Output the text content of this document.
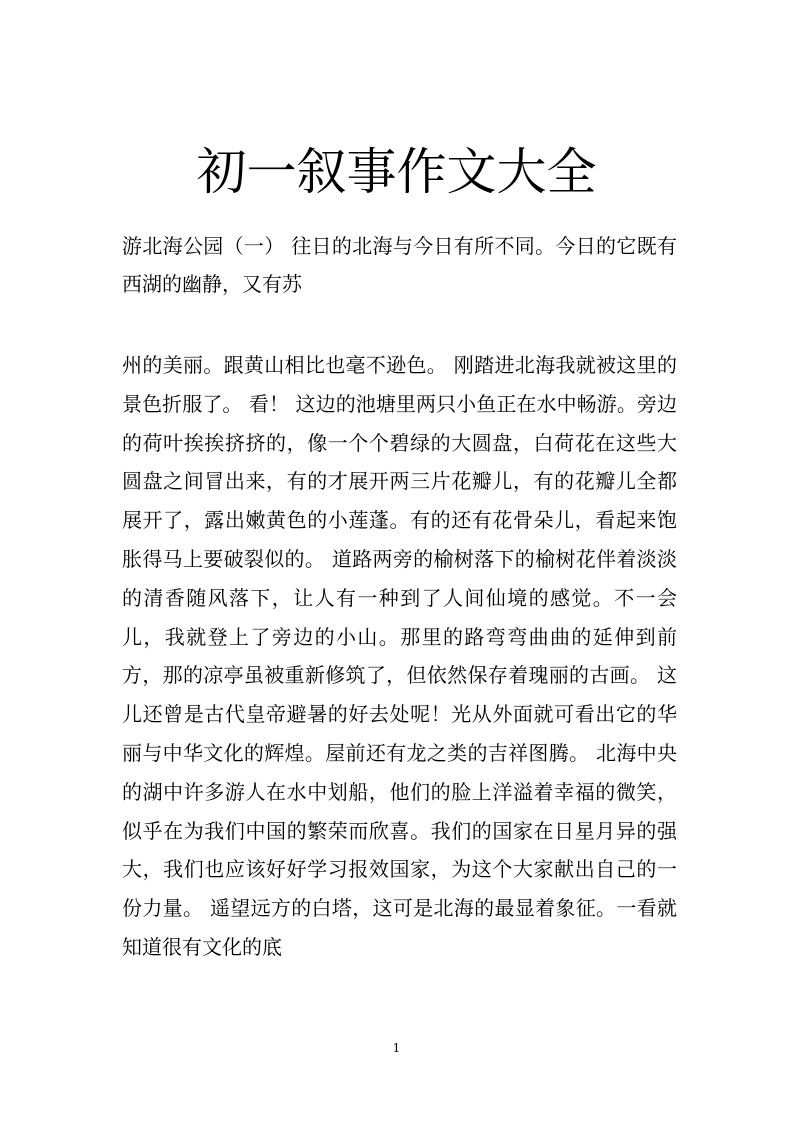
初一叙事作文大全

游北海公园（一） 往日的北海与今日有所不同。今日的它既有西湖的幽静，又有苏

州的美丽。跟黄山相比也毫不逊色。 刚踏进北海我就被这里的景色折服了。 看！ 这边的池塘里两只小鱼正在水中畅游。旁边的荷叶挨挨挤挤的，像一个个碧绿的大圆盘，白荷花在这些大圆盘之间冒出来，有的才展开两三片花瓣儿，有的花瓣儿全都展开了，露出嫩黄色的小莲蓬。有的还有花骨朵儿，看起来饱胀得马上要破裂似的。 道路两旁的榆树落下的榆树花伴着淡淡的清香随风落下，让人有一种到了人间仙境的感觉。不一会儿，我就登上了旁边的小山。那里的路弯弯曲曲的延伸到前方，那的凉亭虽被重新修筑了，但依然保存着瑰丽的古画。 这儿还曾是古代皇帝避暑的好去处呢！光从外面就可看出它的华丽与中华文化的辉煌。屋前还有龙之类的吉祥图腾。 北海中央的湖中许多游人在水中划船，他们的脸上洋溢着幸福的微笑，似乎在为我们中国的繁荣而欣喜。我们的国家在日星月异的强大，我们也应该好好学习报效国家，为这个大家献出自己的一份力量。 遥望远方的白塔，这可是北海的最显着象征。一看就知道很有文化的底

1
